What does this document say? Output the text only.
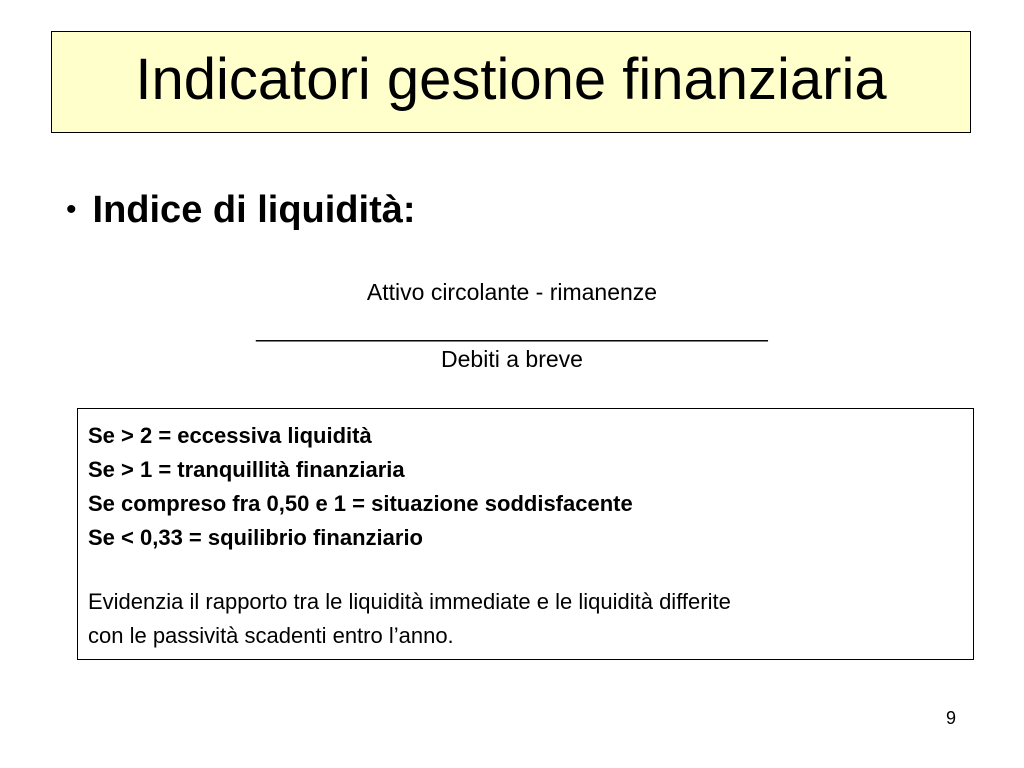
Indicatori gestione finanziaria
• Indice di liquidità:
Attivo circolante - rimanenze
________________________________________
Debiti a breve
Se > 2 = eccessiva liquidità
Se > 1 = tranquillità finanziaria
Se compreso fra 0,50 e 1 = situazione soddisfacente
Se < 0,33 = squilibrio finanziario
Evidenzia il rapporto tra le liquidità immediate e le liquidità differite
con le passività scadenti entro l’anno.
9
